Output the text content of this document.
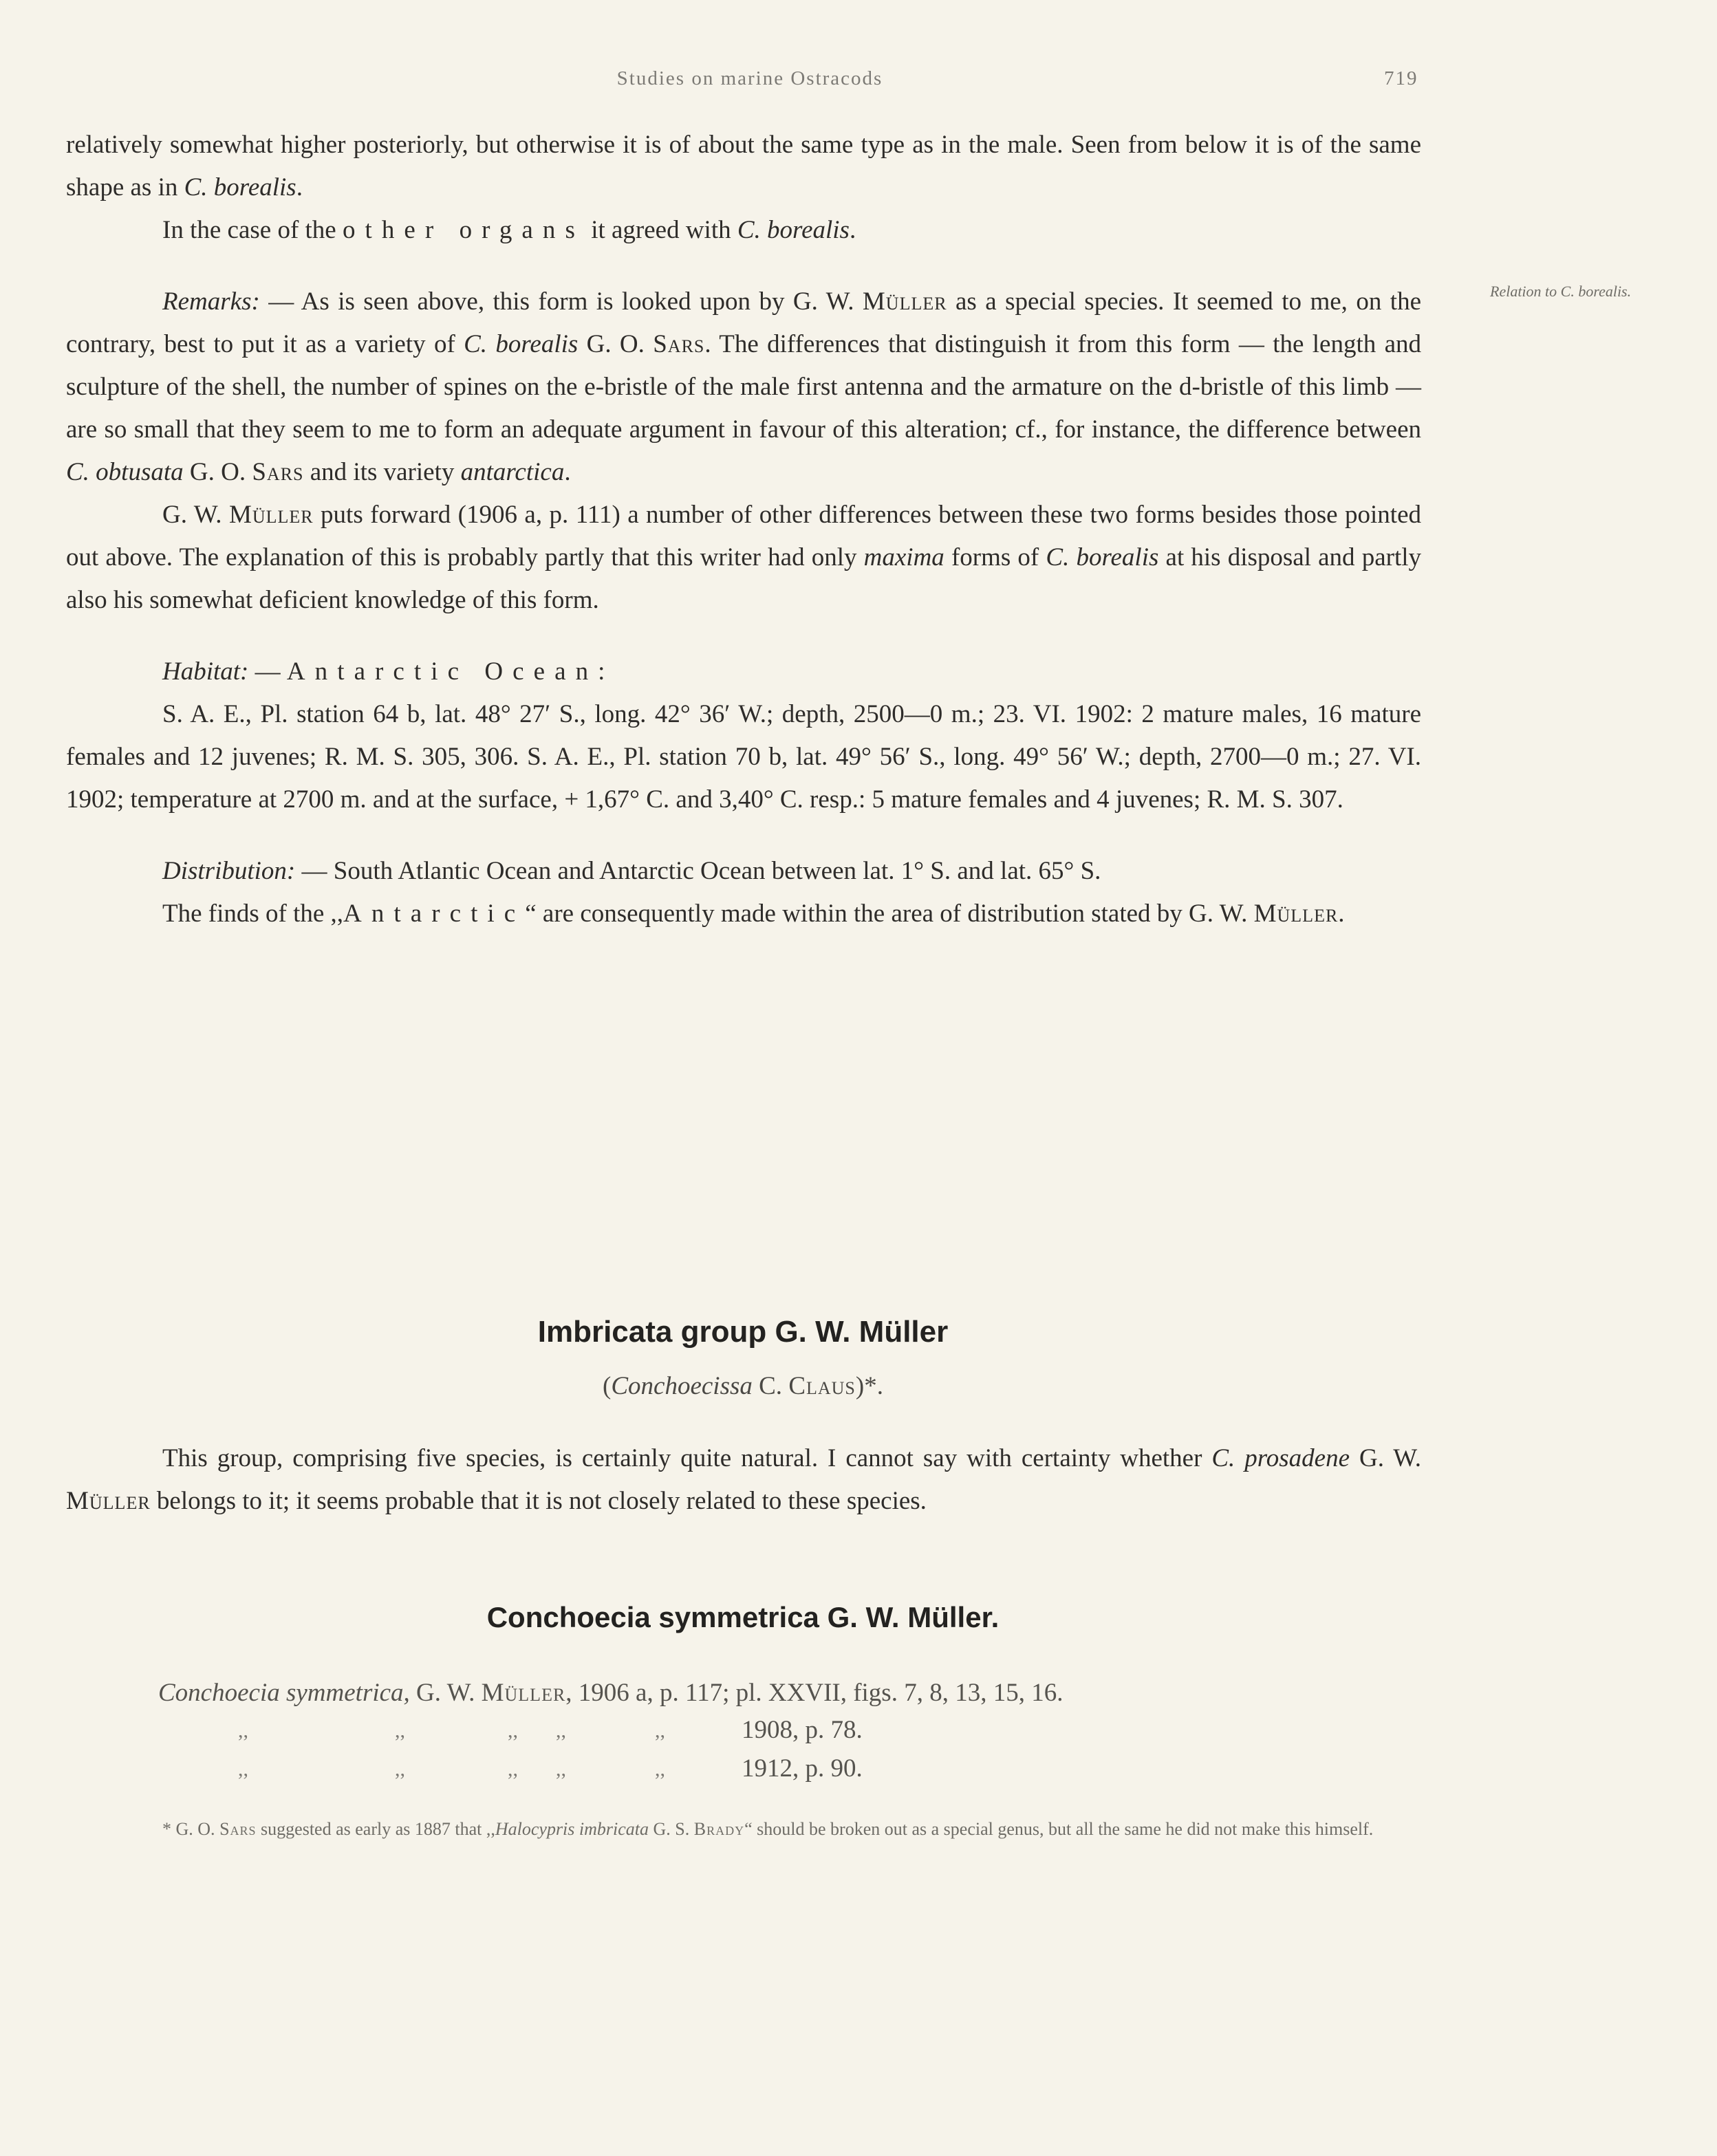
Studies on marine Ostracods	719
Relation to C. borealis.

relatively somewhat higher posteriorly, but otherwise it is of about the same type as in the male. Seen from below it is of the same shape as in C. borealis.

In the case of the other organs it agreed with C. borealis.

Remarks: — As is seen above, this form is looked upon by G. W. Müller as a special species. It seemed to me, on the contrary, best to put it as a variety of C. borealis G. O. Sars. The differences that distinguish it from this form — the length and sculpture of the shell, the number of spines on the e-bristle of the male first antenna and the armature on the d-bristle of this limb — are so small that they seem to me to form an adequate argument in favour of this alteration; cf., for instance, the difference between C. obtusata G. O. Sars and its variety antarctica.

G. W. Müller puts forward (1906 a, p. 111) a number of other differences between these two forms besides those pointed out above. The explanation of this is probably partly that this writer had only maxima forms of C. borealis at his disposal and partly also his somewhat deficient knowledge of this form.

Habitat: — Antarctic Ocean:

S. A. E., Pl. station 64 b, lat. 48° 27′ S., long. 42° 36′ W.; depth, 2500—0 m.; 23. VI. 1902: 2 mature males, 16 mature females and 12 juvenes; R. M. S. 305, 306. S. A. E., Pl. station 70 b, lat. 49° 56′ S., long. 49° 56′ W.; depth, 2700—0 m.; 27. VI. 1902; temperature at 2700 m. and at the surface, + 1,67° C. and 3,40° C. resp.: 5 mature females and 4 juvenes; R. M. S. 307.

Distribution: — South Atlantic Ocean and Antarctic Ocean between lat. 1° S. and lat. 65° S.

The finds of the ,,Antarctic“ are consequently made within the area of distribution stated by G. W. Müller.

Imbricata group G. W. Müller
(Conchoecissa C. Claus)*.

This group, comprising five species, is certainly quite natural. I cannot say with certainty whether C. prosadene G. W. Müller belongs to it; it seems probable that it is not closely related to these species.

Conchoecia symmetrica G. W. Müller.
Conchoecia symmetrica, G. W. Müller, 1906 a, p. 117; pl. XXVII, figs. 7, 8, 13, 15, 16.
,,	,,	,, ,,	,,	1908, p. 78.
,,	,,	,, ,,	,,	1912, p. 90.
* G. O. Sars suggested as early as 1887 that ,,Halocypris imbricata G. S. Brady“ should be broken out as a special genus, but all the same he did not make this himself.
